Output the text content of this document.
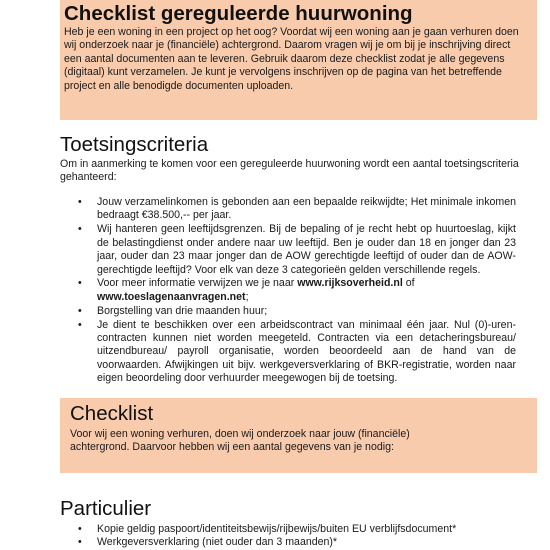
Checklist gereguleerde huurwoning
Heb je een woning in een project op het oog? Voordat wij een woning aan je gaan verhuren doen wij onderzoek naar je (financiële) achtergrond. Daarom vragen wij je om bij je inschrijving direct een aantal documenten aan te leveren. Gebruik daarom deze checklist zodat je alle gegevens (digitaal) kunt verzamelen. Je kunt je vervolgens inschrijven op de pagina van het betreffende project en alle benodigde documenten uploaden.
Toetsingscriteria
Om in aanmerking te komen voor een gereguleerde huurwoning wordt een aantal toetsingscriteria gehanteerd:
• Jouw verzamelinkomen is gebonden aan een bepaalde reikwijdte; Het minimale inkomen bedraagt €38.500,-- per jaar.
• Wij hanteren geen leeftijdsgrenzen. Bij de bepaling of je recht hebt op huurtoeslag, kijkt de belastingdienst onder andere naar uw leeftijd. Ben je ouder dan 18 en jonger dan 23 jaar, ouder dan 23 maar jonger dan de AOW gerechtigde leeftijd of ouder dan de AOW-gerechtigde leeftijd? Voor elk van deze 3 categorieën gelden verschillende regels.
• Voor meer informatie verwijzen we je naar www.rijksoverheid.nl of
www.toeslagenaanvragen.net;
• Borgstelling van drie maanden huur;
• Je dient te beschikken over een arbeidscontract van minimaal één jaar. Nul (0)-uren-contracten kunnen niet worden meegeteld. Contracten via een detacheringsbureau/ uitzendbureau/ payroll organisatie, worden beoordeeld aan de hand van de voorwaarden. Afwijkingen uit bijv. werkgeversverklaring of BKR-registratie, worden naar eigen beoordeling door verhuurder meegewogen bij de toetsing.
Checklist
Voor wij een woning verhuren, doen wij onderzoek naar jouw (financiële) achtergrond. Daarvoor hebben wij een aantal gegevens van je nodig:
Particulier
• Kopie geldig paspoort/identiteitsbewijs/rijbewijs/buiten EU verblijfsdocument*
• Werkgeversverklaring (niet ouder dan 3 maanden)*
